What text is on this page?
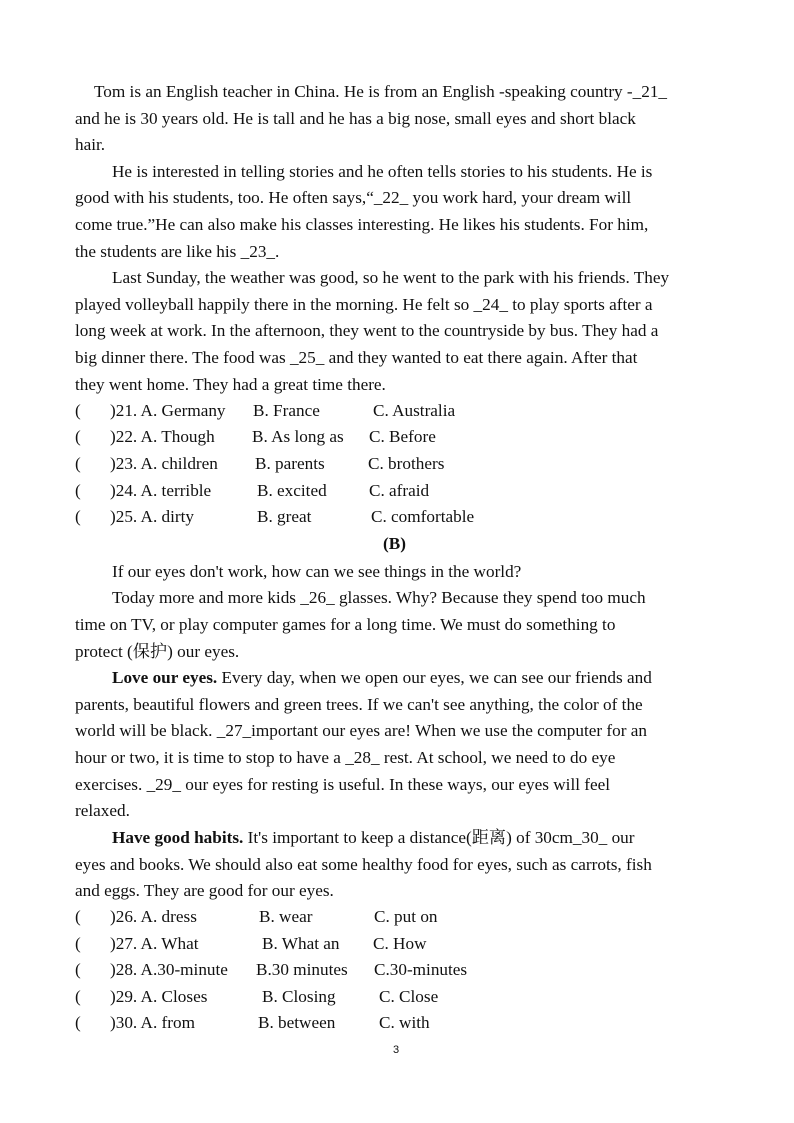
Tom is an English teacher in China. He is from an English -speaking country -_21_
and he is 30 years old. He is tall and he has a big nose, small eyes and short black
hair.
He is interested in telling stories and he often tells stories to his students. He is
good with his students, too. He often says,“_22_ you work hard, your dream will
come true.”He can also make his classes interesting. He likes his students. For him,
the students are like his _23_.
Last Sunday, the weather was good, so he went to the park with his friends. They
played volleyball happily there in the morning. He felt so _24_ to play sports after a
long week at work. In the afternoon, they went to the countryside by bus. They had a
big dinner there. The food was _25_ and they wanted to eat there again. After that
they went home. They had a great time there.
( )21. A. Germany B. France	C. Australia
( )22. A. Though B. As long as C. Before
( )23. A. children B. parents	C. brothers
( )24. A. terrible	B. excited C. afraid
( )25. A. dirty	B. great	C. comfortable
(B)
If our eyes don't work, how can we see things in the world?
Today more and more kids _26_ glasses. Why? Because they spend too much
time on TV, or play computer games for a long time. We must do something to
protect (保护) our eyes.
Love our eyes. Every day, when we open our eyes, we can see our friends and
parents, beautiful flowers and green trees. If we can't see anything, the color of the
world will be black. _27_important our eyes are! When we use the computer for an
hour or two, it is time to stop to have a _28_ rest. At school, we need to do eye
exercises. _29_ our eyes for resting is useful. In these ways, our eyes will feel
relaxed.
Have good habits. It's important to keep a distance(距离) of 30cm_30_ our
eyes and books. We should also eat some healthy food for eyes, such as carrots, fish
and eggs. They are good for our eyes.
( )26. A. dress	B. wear	C. put on
( )27. A. What	B. What an C. How
( )28. A.30-minute B.30 minutes C.30-minutes
( )29. A. Closes	B. Closing	C. Close
( )30. A. from	B. between	C. with
3
